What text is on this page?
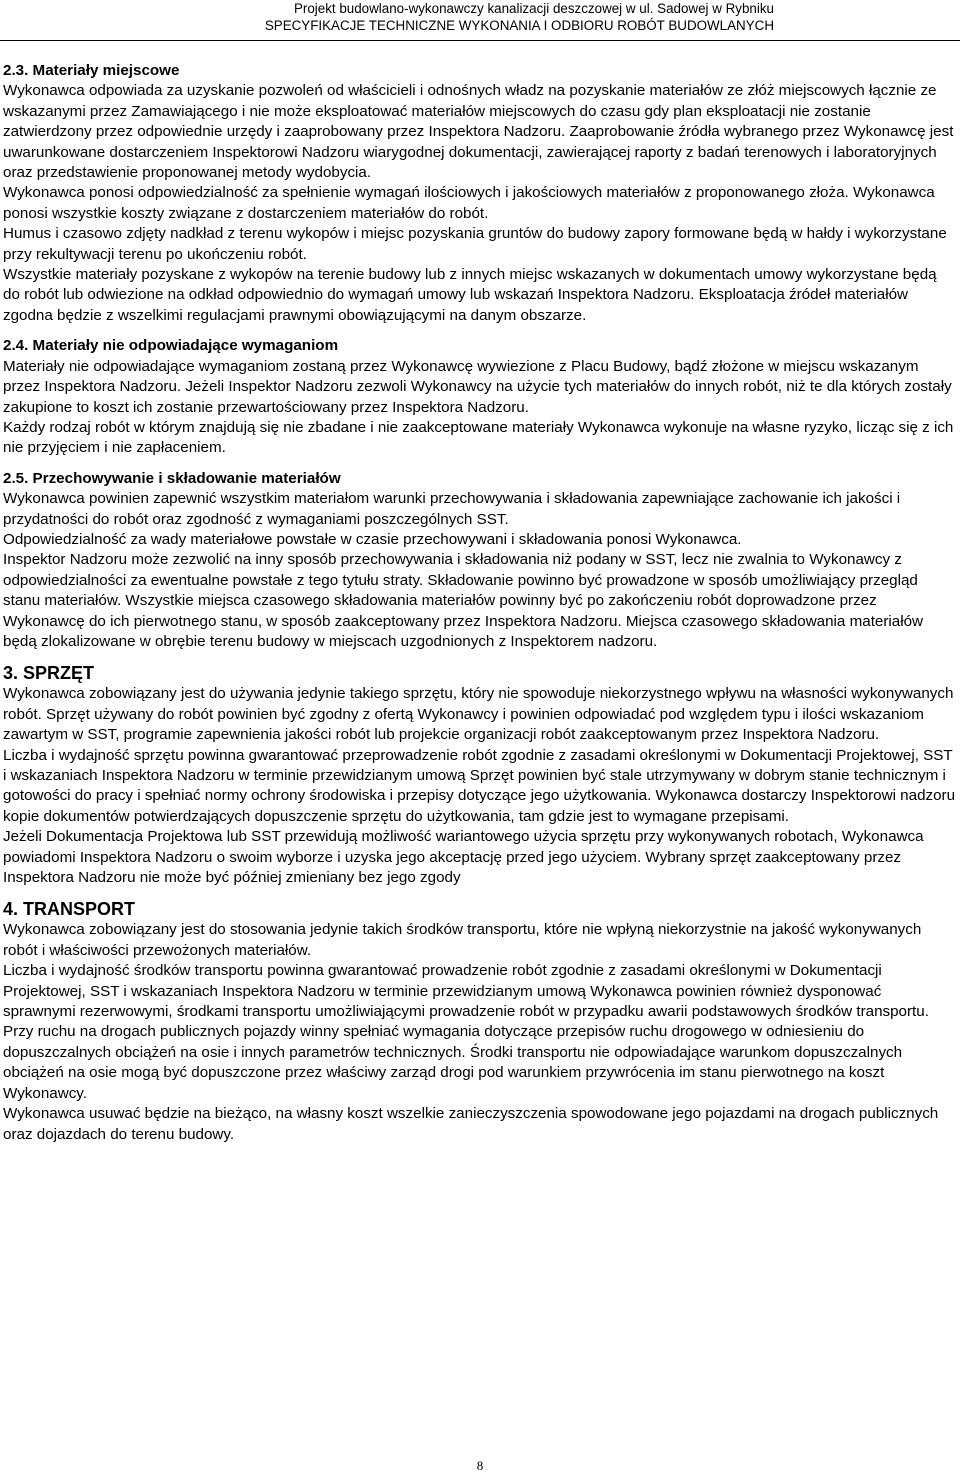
Projekt budowlano-wykonawczy kanalizacji deszczowej w ul. Sadowej w Rybniku
SPECYFIKACJE TECHNICZNE WYKONANIA I ODBIORU ROBÓT BUDOWLANYCH
2.3. Materiały miejscowe

Wykonawca odpowiada za uzyskanie pozwoleń od właścicieli i odnośnych władz na pozyskanie materiałów ze złóż miejscowych łącznie ze wskazanymi przez Zamawiającego i nie może eksploatować materiałów miejscowych do czasu gdy plan eksploatacji nie zostanie zatwierdzony przez odpowiednie urzędy i zaaprobowany przez Inspektora Nadzoru. Zaaprobowanie źródła wybranego przez Wykonawcę jest uwarunkowane dostarczeniem Inspektorowi Nadzoru wiarygodnej dokumentacji, zawierającej raporty z badań terenowych i laboratoryjnych oraz przedstawienie proponowanej metody wydobycia.

Wykonawca ponosi odpowiedzialność za spełnienie wymagań ilościowych i jakościowych materiałów z proponowanego złoża. Wykonawca ponosi wszystkie koszty związane z dostarczeniem materiałów do robót.

Humus i czasowo zdjęty nadkład z terenu wykopów i miejsc pozyskania gruntów do budowy zapory formowane będą w hałdy i wykorzystane przy rekultywacji terenu po ukończeniu robót.

Wszystkie materiały pozyskane z wykopów na terenie budowy lub z innych miejsc wskazanych w dokumentach umowy wykorzystane będą do robót lub odwiezione na odkład odpowiednio do wymagań umowy lub wskazań Inspektora Nadzoru. Eksploatacja źródeł materiałów zgodna będzie z wszelkimi regulacjami prawnymi obowiązującymi na danym obszarze.

2.4. Materiały nie odpowiadające wymaganiom

Materiały nie odpowiadające wymaganiom zostaną przez Wykonawcę wywiezione z Placu Budowy, bądź złożone w miejscu wskazanym przez Inspektora Nadzoru. Jeżeli Inspektor Nadzoru zezwoli Wykonawcy na użycie tych materiałów do innych robót, niż te dla których zostały zakupione to koszt ich zostanie przewartościowany przez Inspektora Nadzoru.

Każdy rodzaj robót w którym znajdują się nie zbadane i nie zaakceptowane materiały Wykonawca wykonuje na własne ryzyko, licząc się z ich nie przyjęciem i nie zapłaceniem.

2.5. Przechowywanie i składowanie materiałów

Wykonawca powinien zapewnić wszystkim materiałom warunki przechowywania i składowania zapewniające zachowanie ich jakości i przydatności do robót oraz zgodność z wymaganiami poszczególnych SST.

Odpowiedzialność za wady materiałowe powstałe w czasie przechowywani i składowania ponosi Wykonawca.

Inspektor Nadzoru może zezwolić na inny sposób przechowywania i składowania niż podany w SST, lecz nie zwalnia to Wykonawcy z odpowiedzialności za ewentualne powstałe z tego tytułu straty. Składowanie powinno być prowadzone w sposób umożliwiający przegląd stanu materiałów. Wszystkie miejsca czasowego składowania materiałów powinny być po zakończeniu robót doprowadzone przez Wykonawcę do ich pierwotnego stanu, w sposób zaakceptowany przez Inspektora Nadzoru. Miejsca czasowego składowania materiałów będą zlokalizowane w obrębie terenu budowy w miejscach uzgodnionych z Inspektorem nadzoru.

3. SPRZĘT

Wykonawca zobowiązany jest do używania jedynie takiego sprzętu, który nie spowoduje niekorzystnego wpływu na własności wykonywanych robót. Sprzęt używany do robót powinien być zgodny z ofertą Wykonawcy i powinien odpowiadać pod względem typu i ilości wskazaniom zawartym w SST, programie zapewnienia jakości robót lub projekcie organizacji robót zaakceptowanym przez Inspektora Nadzoru.

Liczba i wydajność sprzętu powinna gwarantować przeprowadzenie robót zgodnie z zasadami określonymi w Dokumentacji Projektowej, SST i wskazaniach Inspektora Nadzoru w terminie przewidzianym umową Sprzęt powinien być stale utrzymywany w dobrym stanie technicznym i gotowości do pracy i spełniać normy ochrony środowiska i przepisy dotyczące jego użytkowania. Wykonawca dostarczy Inspektorowi nadzoru kopie dokumentów potwierdzających dopuszczenie sprzętu do użytkowania, tam gdzie jest to wymagane przepisami.

Jeżeli Dokumentacja Projektowa lub SST przewidują możliwość wariantowego użycia sprzętu przy wykonywanych robotach, Wykonawca powiadomi Inspektora Nadzoru o swoim wyborze i uzyska jego akceptację przed jego użyciem. Wybrany sprzęt zaakceptowany przez Inspektora Nadzoru nie może być później zmieniany bez jego zgody

4. TRANSPORT

Wykonawca zobowiązany jest do stosowania jedynie takich środków transportu, które nie wpłyną niekorzystnie na jakość wykonywanych robót i właściwości przewożonych materiałów.

Liczba i wydajność środków transportu powinna gwarantować prowadzenie robót zgodnie z zasadami określonymi w Dokumentacji Projektowej, SST i wskazaniach Inspektora Nadzoru w terminie przewidzianym umową Wykonawca powinien również dysponować sprawnymi rezerwowymi, środkami transportu umożliwiającymi prowadzenie robót w przypadku awarii podstawowych środków transportu.

Przy ruchu na drogach publicznych pojazdy winny spełniać wymagania dotyczące przepisów ruchu drogowego w odniesieniu do dopuszczalnych obciążeń na osie i innych parametrów technicznych. Środki transportu nie odpowiadające warunkom dopuszczalnych obciążeń na osie mogą być dopuszczone przez właściwy zarząd drogi pod warunkiem przywrócenia im stanu pierwotnego na koszt Wykonawcy.

Wykonawca usuwać będzie na bieżąco, na własny koszt wszelkie zanieczyszczenia spowodowane jego pojazdami na drogach publicznych oraz dojazdach do terenu budowy.

8
